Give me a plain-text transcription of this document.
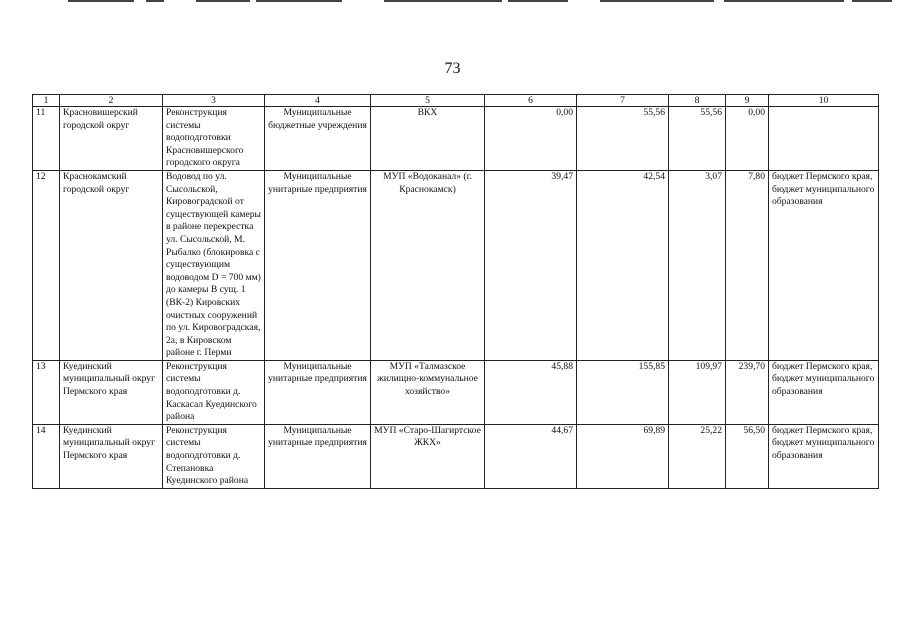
73
1	2	3	4	5	6	7	8	9	10
11	Красновишерский городской округ	Реконструкция системы водоподготовки Красновишерского городского округа	Муниципальные бюджетные учреждения	ВКХ	0,00	55,56	55,56	0,00	
12	Краснокамский городской округ	Водовод по ул. Сысольской, Кировоградской от существующей камеры в районе перекрестка ул. Сысольской, М. Рыбалко (блокировка с существующим водоводом D = 700 мм) до камеры В сущ. 1 (ВК-2) Кировских очистных сооружений по ул. Кировоградская, 2а, в Кировском районе г. Перми	Муниципальные унитарные предприятия	МУП «Водоканал» (г. Краснокамск)	39,47	42,54	3,07	7,80	бюджет Пермского края, бюджет муниципального образования
13	Куединский муниципальный округ Пермского края	Реконструкция системы водоподготовки д. Каскасал Куединского района	Муниципальные унитарные предприятия	МУП «Талмазское жилищно-коммунальное хозяйство»	45,88	155,85	109,97	239,70	бюджет Пермского края, бюджет муниципального образования
14	Куединский муниципальный округ Пермского края	Реконструкция системы водоподготовки д. Степановка Куединского района	Муниципальные унитарные предприятия	МУП «Старо-Шагиртское ЖКХ»	44,67	69,89	25,22	56,50	бюджет Пермского края, бюджет муниципального образования
